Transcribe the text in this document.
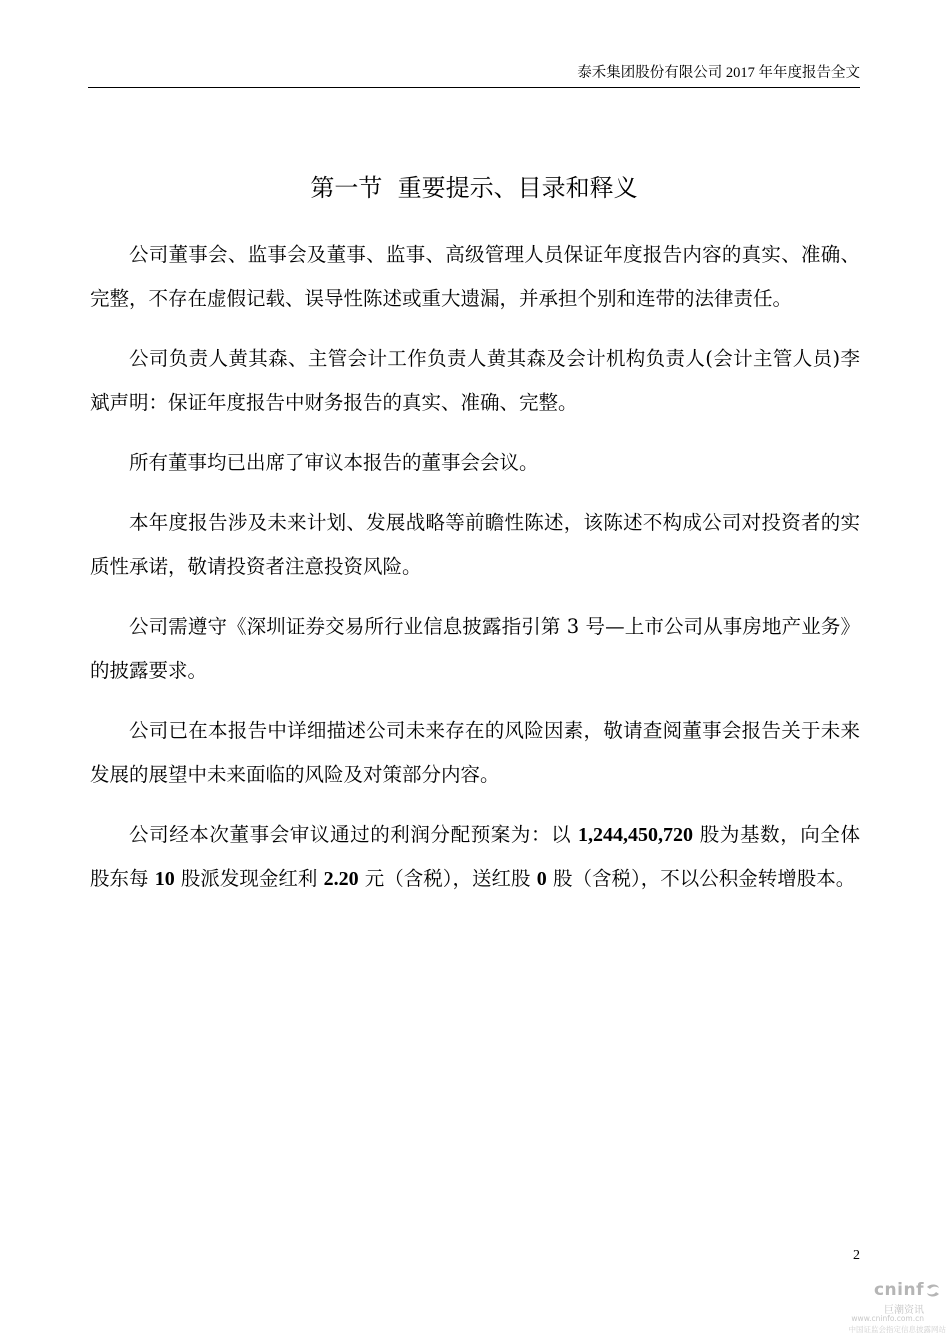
泰禾集团股份有限公司 2017 年年度报告全文
第一节  重要提示、目录和释义

公司董事会、监事会及董事、监事、高级管理人员保证年度报告内容的真实、准确、完整，不存在虚假记载、误导性陈述或重大遗漏，并承担个别和连带的法律责任。

公司负责人黄其森、主管会计工作负责人黄其森及会计机构负责人(会计主管人员)李斌声明：保证年度报告中财务报告的真实、准确、完整。

所有董事均已出席了审议本报告的董事会会议。

本年度报告涉及未来计划、发展战略等前瞻性陈述，该陈述不构成公司对投资者的实质性承诺，敬请投资者注意投资风险。

公司需遵守《深圳证券交易所行业信息披露指引第 3 号—上市公司从事房地产业务》的披露要求。

公司已在本报告中详细描述公司未来存在的风险因素，敬请查阅董事会报告关于未来发展的展望中未来面临的风险及对策部分内容。

公司经本次董事会审议通过的利润分配预案为：以 1,244,450,720 股为基数，向全体股东每 10 股派发现金红利 2.20 元（含税），送红股 0 股（含税），不以公积金转增股本。

2
cninf
巨潮资讯
www.cninfo.com.cn
中国证监会指定信息披露网站
